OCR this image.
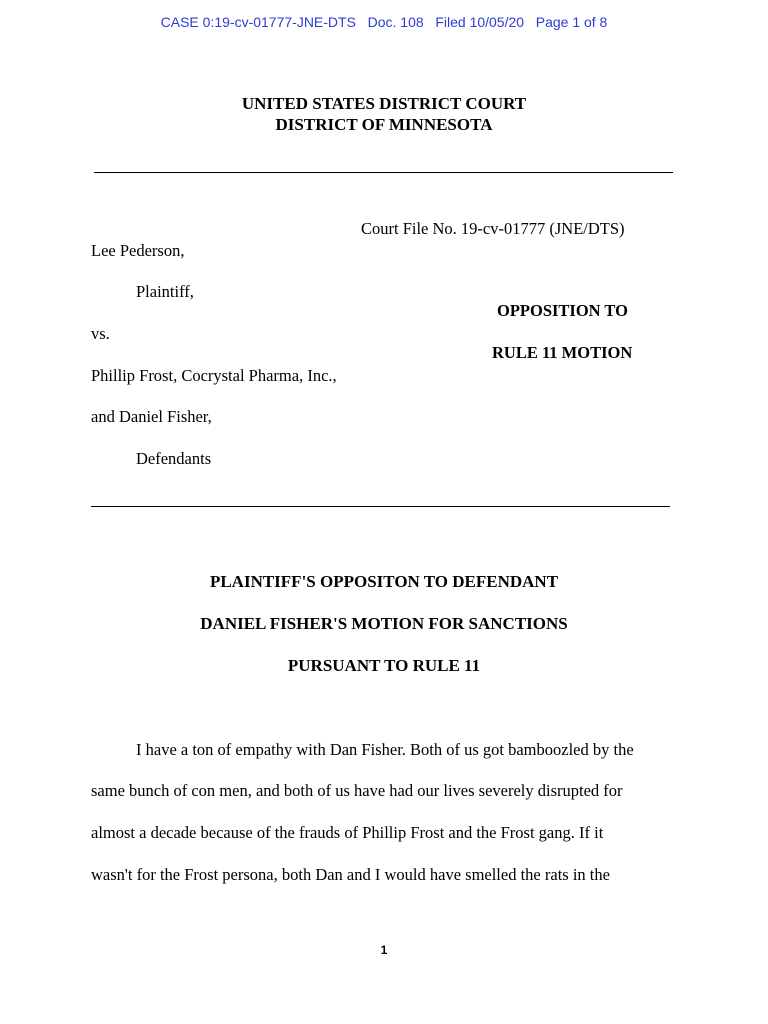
CASE 0:19-cv-01777-JNE-DTS Doc. 108 Filed 10/05/20 Page 1 of 8
UNITED STATES DISTRICT COURT
DISTRICT OF MINNESOTA
Court File No. 19-cv-01777 (JNE/DTS)
Lee Pederson,
Plaintiff,
OPPOSITION TO
vs.
RULE 11 MOTION
Phillip Frost, Cocrystal Pharma, Inc.,
and Daniel Fisher,
Defendants
PLAINTIFF'S OPPOSITON TO DEFENDANT
DANIEL FISHER'S MOTION FOR SANCTIONS
PURSUANT TO RULE 11
I have a ton of empathy with Dan Fisher. Both of us got bamboozled by the
same bunch of con men, and both of us have had our lives severely disrupted for
almost a decade because of the frauds of Phillip Frost and the Frost gang. If it
wasn't for the Frost persona, both Dan and I would have smelled the rats in the
1
